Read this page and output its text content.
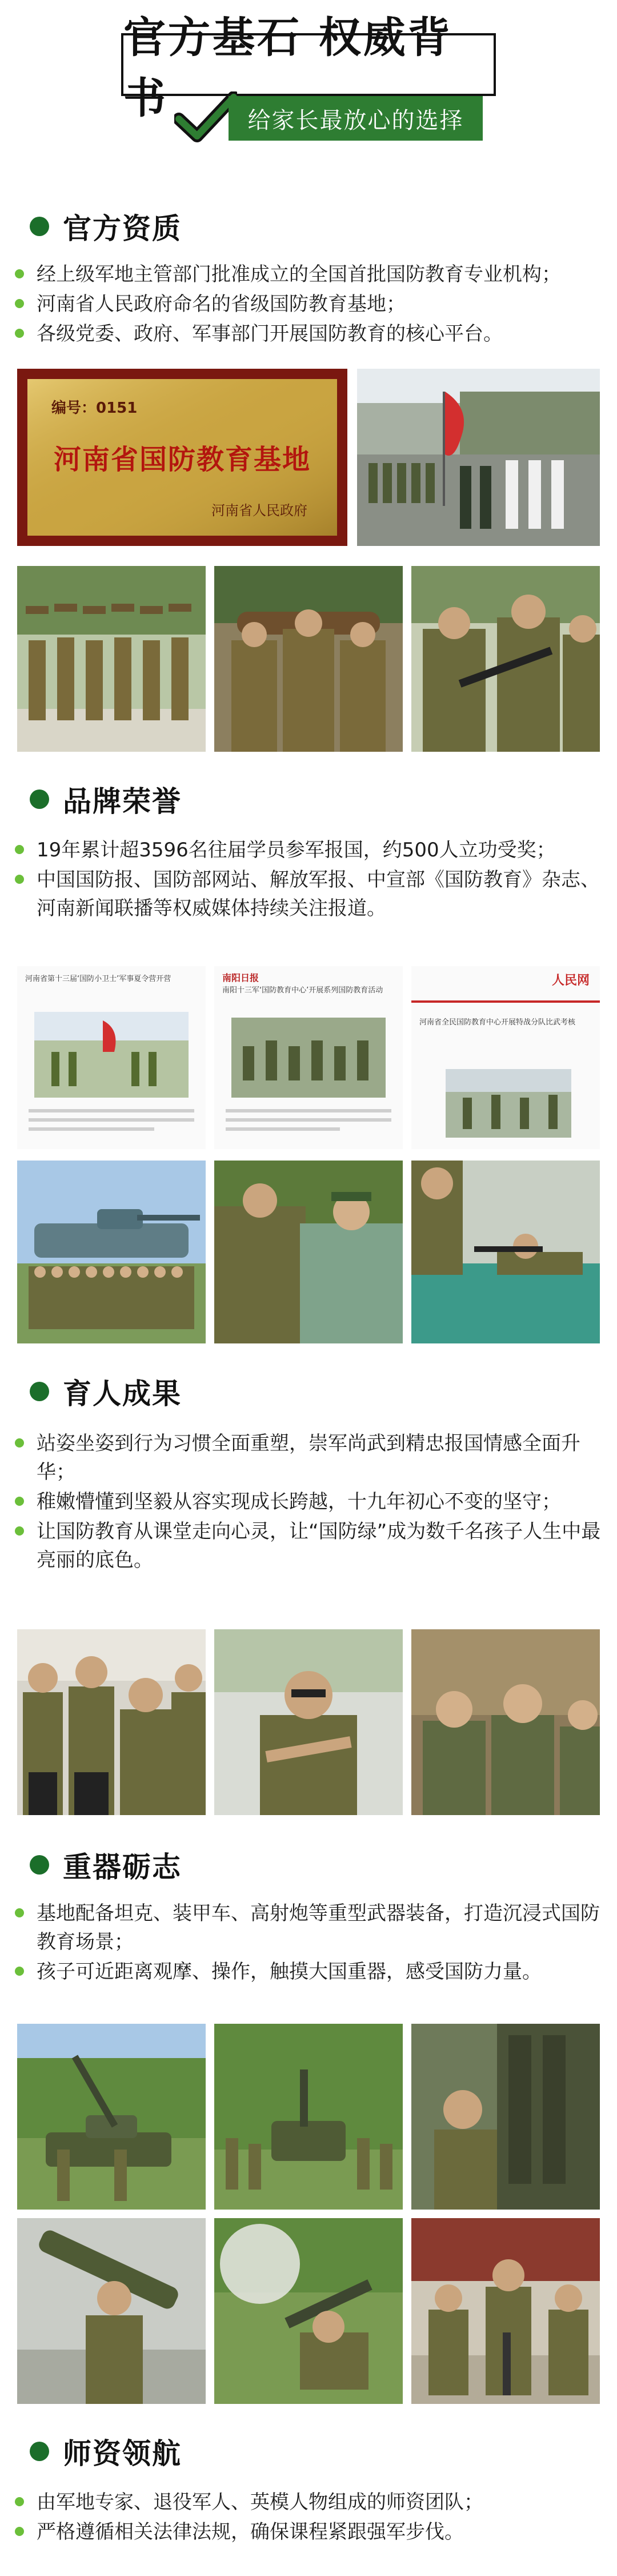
官方基石 权威背书	给家长最放心的选择
官方资质
经上级军地主管部门批准成立的全国首批国防教育专业机构；
河南省人民政府命名的省级国防教育基地；
各级党委、政府、军事部门开展国防教育的核心平台。
编号：0151
河南省国防教育基地
河南省人民政府
品牌荣誉
19年累计超3596名往届学员参军报国，约500人立功受奖；
中国国防报、国防部网站、解放军报、中宣部《国防教育》杂志、河南新闻联播等权威媒体持续关注报道。
河南省第十三届‘国防小卫士’军事夏令营开营	南阳日报
南阳十三军‘国防教育中心’开展系列国防教育活动
人民网
河南省全民国防教育中心开展特战分队比武考核
育人成果
站姿坐姿到行为习惯全面重塑，崇军尚武到精忠报国情感全面升华；
稚嫩懵懂到坚毅从容实现成长跨越，十九年初心不变的坚守；
让国防教育从课堂走向心灵，让“国防绿”成为数千名孩子人生中最亮丽的底色。
重器砺志
基地配备坦克、装甲车、高射炮等重型武器装备，打造沉浸式国防教育场景；
孩子可近距离观摩、操作，触摸大国重器，感受国防力量。
师资领航
由军地专家、退役军人、英模人物组成的师资团队；
严格遵循相关法律法规，确保课程紧跟强军步伐。
